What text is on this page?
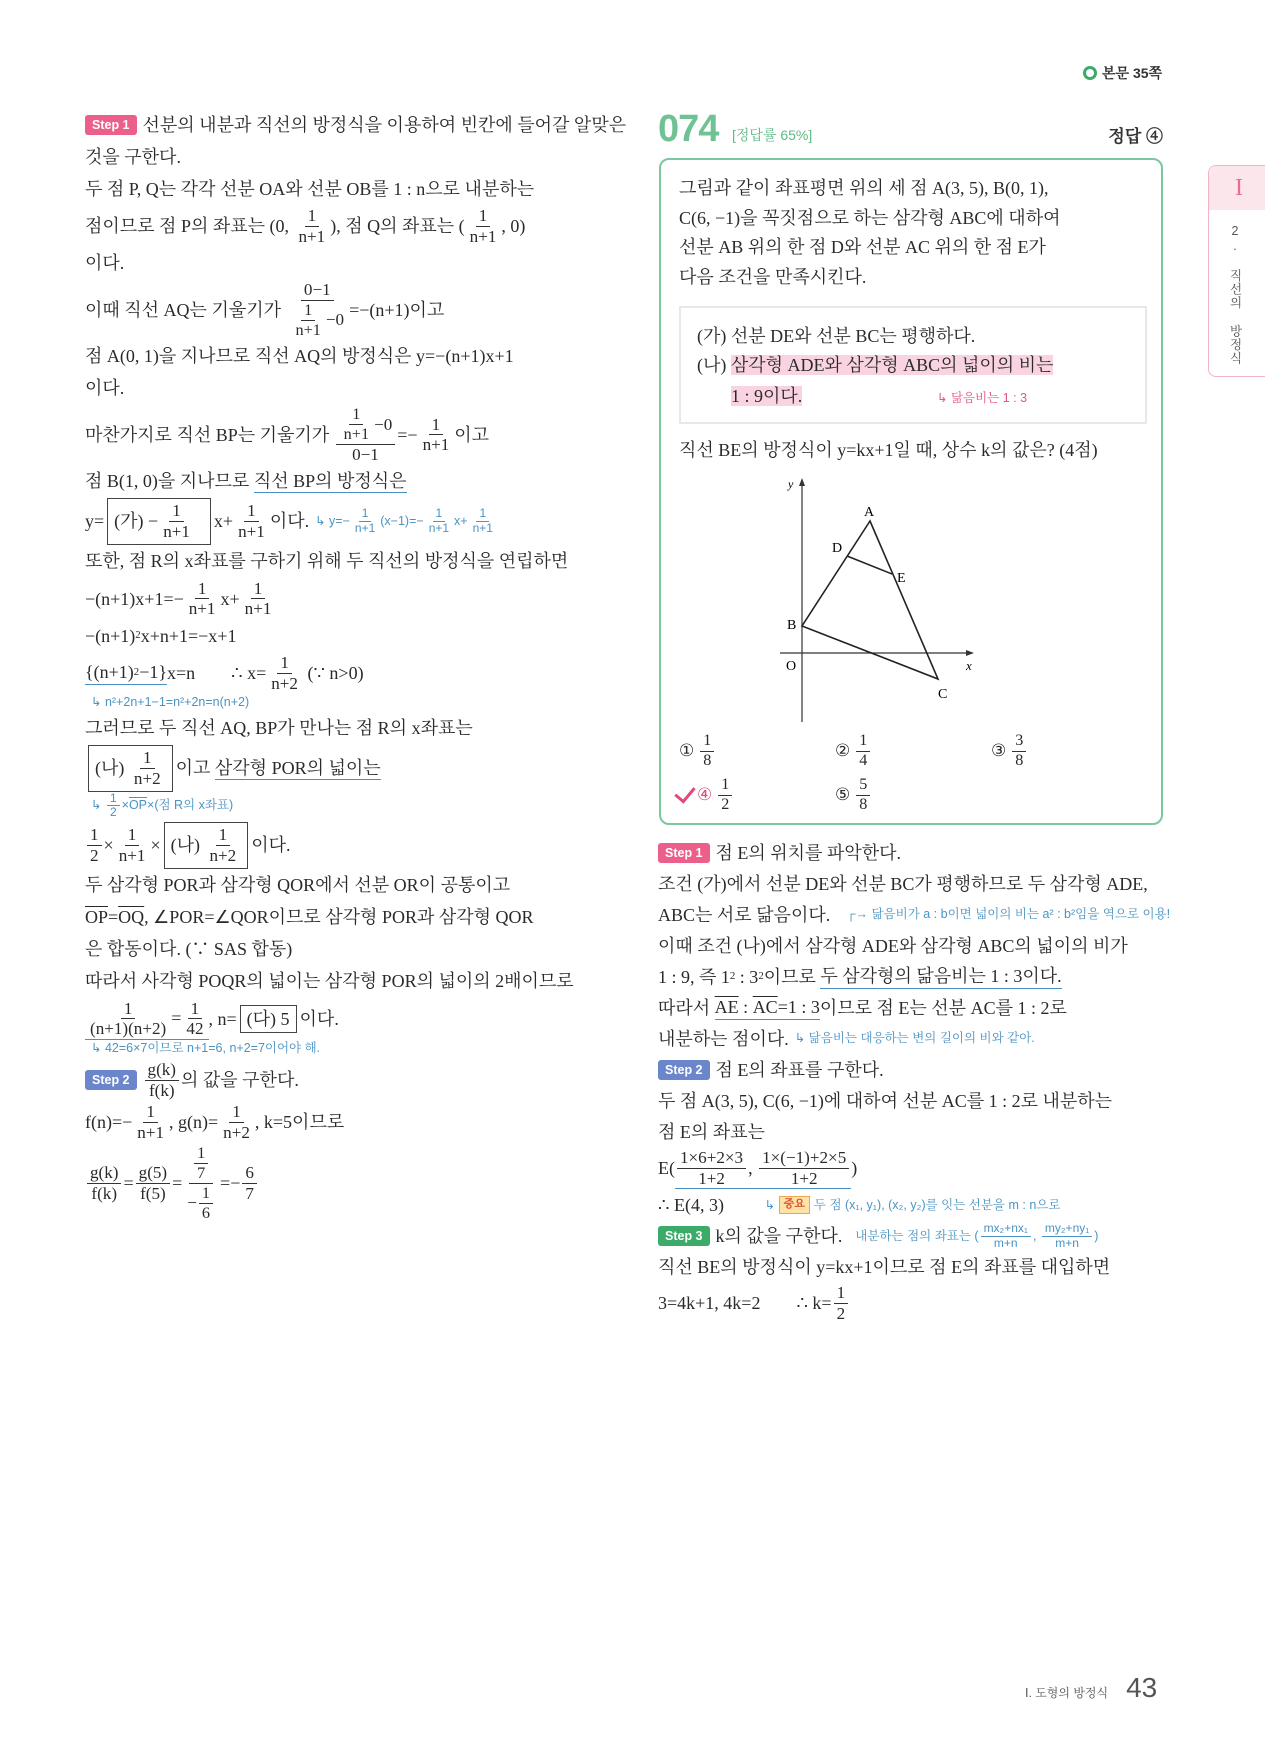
본문 35쪽
Step 1 선분의 내분과 직선의 방정식을 이용하여 빈칸에 들어갈 알맞은
것을 구한다.
두 점 P, Q는 각각 선분 OA와 선분 OB를 1 : n으로 내분하는
점이므로 점 P의 좌표는 (0, $\frac{1}{n+1}$ ), 점 Q의 좌표는 ( $\frac{1}{n+1}$ , 0)
이다.
이때 직선 AQ는 기울기가 $\frac{0-1}{\frac{1}{n+1} -0} =-(n+1)$이고
점 A(0, 1)을 지나므로 직선 AQ의 방정식은 y=−(n+1)x+1
이다.
마찬가지로 직선 BP는 기울기가 $\frac{\frac{1}{n+1} -0}{0-1} =- \frac{1}{n+1}$ 이고
점 B(1, 0)을 지나므로 직선 BP의 방정식은
y= (가) − $\frac{1}{n+1}$
$x+ \frac{1}{n+1}$ 이다. ↳ $y=- \frac{1}{n+1} (x-1)=- \frac{1}{n+1} x+ \frac{1}{n+1}$
또한, 점 R의 x좌표를 구하기 위해 두 직선의 방정식을 연립하면
$-(n+1)x+1=- \frac{1}{n+1} x+ \frac{1}{n+1}$
−(n+1) 2 x+n+1=−x+1
{(n+1) 2 −1} x=n        ∴ $x= \frac{1}{n+2}$ (∵ n>0)
↳ n²+2n+1−1=n²+2n=n(n+2)
그러므로 두 직선 AQ, BP가 만나는 점 R의 x좌표는
(나) $\frac{1}{n+2}$ 이고 삼각형 POR의 넓이는
↳ $\frac{1}{2} \times \overline{OP}$ ×(점 R의 x좌표)
$\frac{1}{2} \times \frac{1}{n+1}$ × (나) $\frac{1}{n+2}$ 이다.
두 삼각형 POR과 삼각형 QOR에서 선분 OR이 공통이고
$\overline{OP} = \overline{OQ}$ , ∠POR=∠QOR이므로 삼각형 POR과 삼각형 QOR
은 합동이다. (∵ SAS 합동)
따라서 사각형 POQR의 넓이는 삼각형 POR의 넓이의 2배이므로
$\frac{1}{(n+1)(n+2)} = \frac{1}{42}$ , n= (다) 5 이다.
↳ 42=6×7이므로 n+1=6, n+2=7이어야 해.
Step $2 \frac{g(k)}{f(k)}$ 의 값을 구한다.
$f(n)=- \frac{1}{n+1}$ , $g(n)= \frac{1}{n+2}$ , k=5이므로
$\frac{g(k)}{f(k)} = \frac{g(5)}{f(5)} = \frac{\frac{1}{7}}{- \frac{1}{6}} =- \frac{6}{7}$
074 [정답률 65%]	정답 ④
그림과 같이 좌표평면 위의 세 점 A(3, 5), B(0, 1),
C(6, −1)을 꼭짓점으로 하는 삼각형 ABC에 대하여
선분 AB 위의 한 점 D와 선분 AC 위의 한 점 E가
다음 조건을 만족시킨다.
(가) 선분 DE와 선분 BC는 평행하다.
(나) 삼각형 ADE와 삼각형 ABC의 넓이의 비는
1 : 9이다.	↳ 닮음비는 1 : 3
직선 BE의 방정식이 y=kx+1일 때, 상수 k의 값은? (4점)
y
x
O
A
B
C
D
E
① $\frac{1}{8}$	② $\frac{1}{4}$	③ $\frac{3}{8}$
④ $\frac{1}{2}$	⑤ $\frac{5}{8}$
Step 1 점 E의 위치를 파악한다.
조건 (가)에서 선분 DE와 선분 BC가 평행하므로 두 삼각형 ADE,
ABC는 서로 닮음이다. ┌→ 닮음비가 a : b이면 넓이의 비는 a² : b²임을 역으로 이용!
이때 조건 (나)에서 삼각형 ADE와 삼각형 ABC의 넓이의 비가
1 : 9, 즉 1 2 : 3 2 이므로 두 삼각형의 닮음비는 1 : 3이다.
따라서 $\overline{AE}$ : $\overline{AC} =1$ : 3 이므로 점 E는 선분 AC를 1 : 2로
내분하는 점이다. ↳ 닮음비는 대응하는 변의 길이의 비와 같아.
Step 2 점 E의 좌표를 구한다.
두 점 A(3, 5), C(6, −1)에 대하여 선분 AC를 1 : 2로 내분하는
점 E의 좌표는
$E( \frac{1\times 6+2\times 3}{1+2}$ , $\frac{1\times(-1)+2\times 5}{1+2}$ )
∴ E(4, 3) ↳ 중요 두 점 (x₁, y₁), (x₂, y₂)를 잇는 선분을 m : n으로
Step 3 k의 값을 구한다. 내분하는 점의 좌표는 ( $\frac{\text{mx₂+nx₁}}{m+n}$ , $\frac{\text{my₂+ny₁}}{m+n}$ )
직선 BE의 방정식이 y=kx+1이므로 점 E의 좌표를 대입하면
3=4k+1, 4k=2        ∴ $k= \frac{1}{2}$
I
2. 직선의 방정식
Ⅰ. 도형의 방정식 43
